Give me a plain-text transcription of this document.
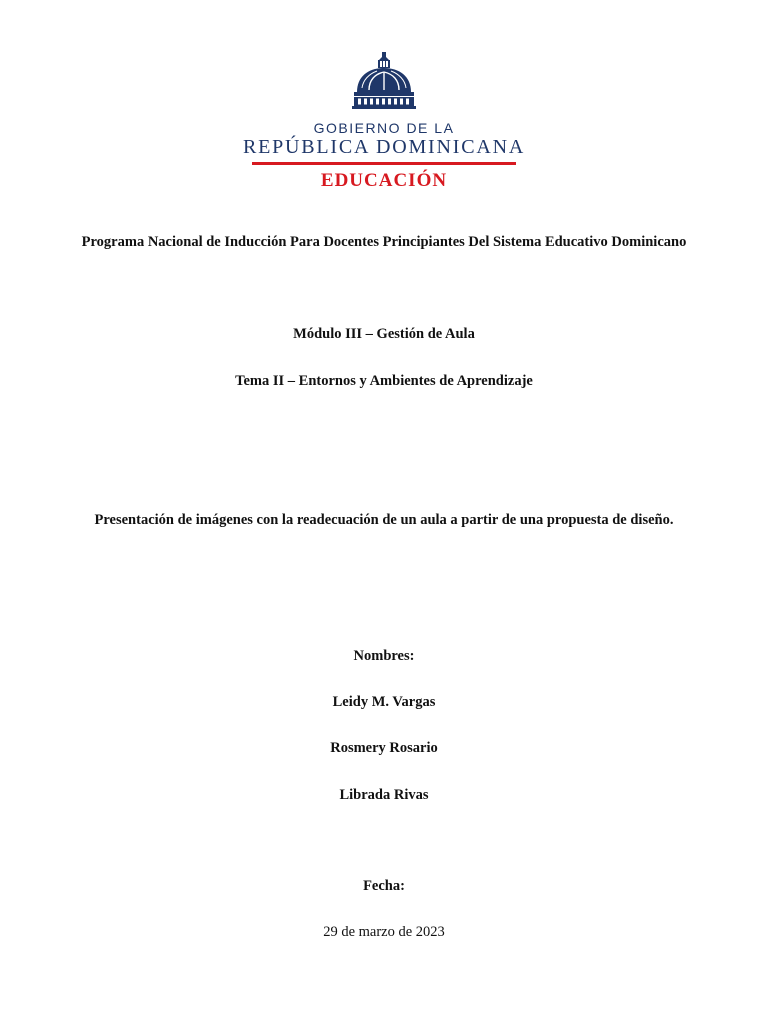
GOBIERNO DE LA
REPÚBLICA DOMINICANA
EDUCACIÓN
Programa Nacional de Inducción Para Docentes Principiantes Del Sistema Educativo Dominicano
Módulo III – Gestión de Aula
Tema II – Entornos y Ambientes de Aprendizaje
Presentación de imágenes con la readecuación de un aula a partir de una propuesta de diseño.
Nombres:
Leidy M. Vargas
Rosmery Rosario
Librada Rivas
Fecha:
29 de marzo de 2023
